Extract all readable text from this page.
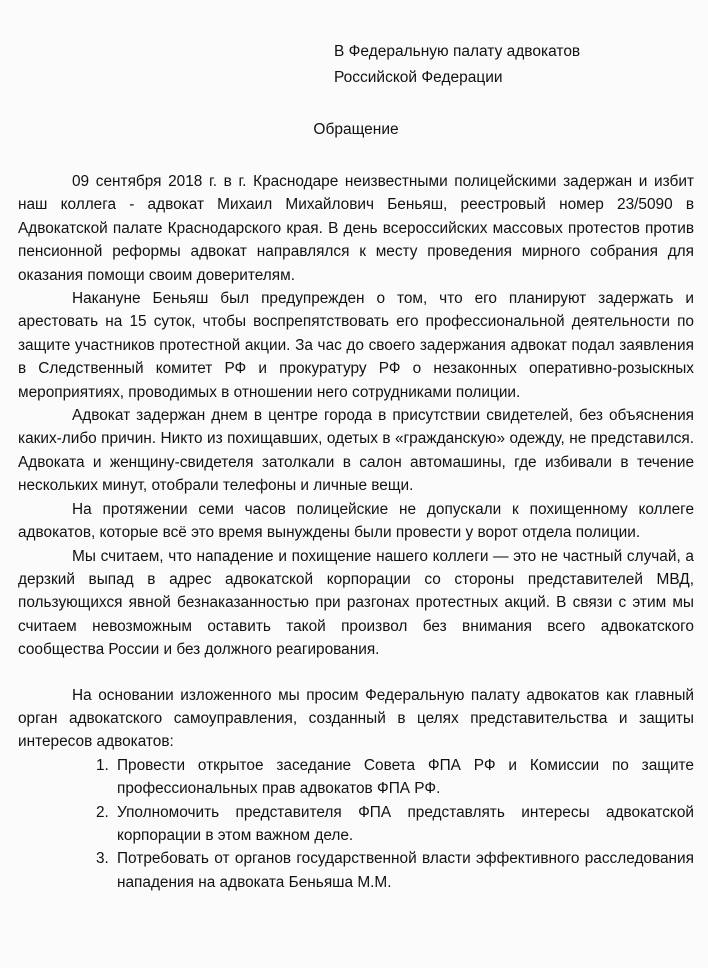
В Федеральную палату адвокатов
Российской Федерации
Обращение

09 сентября 2018 г. в г. Краснодаре неизвестными полицейскими задержан и избит наш коллега - адвокат Михаил Михайлович Беньяш, реестровый номер 23/5090 в Адвокатской палате Краснодарского края. В день всероссийских массовых протестов против пенсионной реформы адвокат направлялся к месту проведения мирного собрания для оказания помощи своим доверителям.

Накануне Беньяш был предупрежден о том, что его планируют задержать и арестовать на 15 суток, чтобы воспрепятствовать его профессиональной деятельности по защите участников протестной акции. За час до своего задержания адвокат подал заявления в Следственный комитет РФ и прокуратуру РФ о незаконных оперативно-розыскных мероприятиях, проводимых в отношении него сотрудниками полиции.

Адвокат задержан днем в центре города в присутствии свидетелей, без объяснения каких-либо причин. Никто из похищавших, одетых в «гражданскую» одежду, не представился. Адвоката и женщину-свидетеля затолкали в салон автомашины, где избивали в течение нескольких минут, отобрали телефоны и личные вещи.

На протяжении семи часов полицейские не допускали к похищенному коллеге адвокатов, которые всё это время вынуждены были провести у ворот отдела полиции.

Мы считаем, что нападение и похищение нашего коллеги — это не частный случай, а дерзкий выпад в адрес адвокатской корпорации со стороны представителей МВД, пользующихся явной безнаказанностью при разгонах протестных акций. В связи с этим мы считаем невозможным оставить такой произвол без внимания всего адвокатского сообщества России и без должного реагирования.

На основании изложенного мы просим Федеральную палату адвокатов как главный орган адвокатского самоуправления, созданный в целях представительства и защиты интересов адвокатов:

1. Провести открытое заседание Совета ФПА РФ и Комиссии по защите профессиональных прав адвокатов ФПА РФ.
2. Уполномочить представителя ФПА представлять интересы адвокатской корпорации в этом важном деле.
3. Потребовать от органов государственной власти эффективного расследования нападения на адвоката Беньяша М.М.
